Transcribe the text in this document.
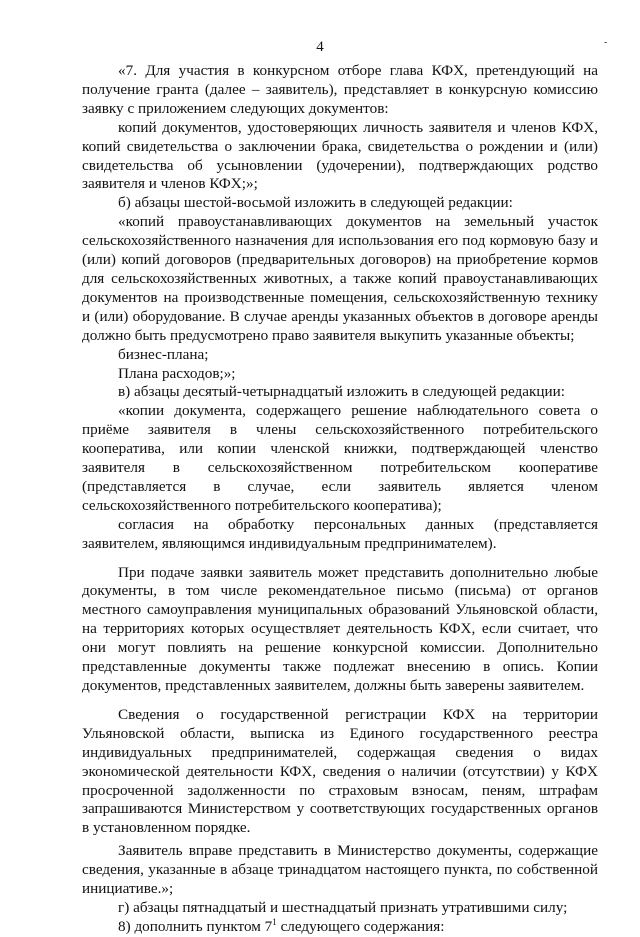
4	-

«7. Для участия в конкурсном отборе глава КФХ, претендующий на получение гранта (далее – заявитель), представляет в конкурсную комиссию заявку с приложением следующих документов:

копий документов, удостоверяющих личность заявителя и членов КФХ, копий свидетельства о заключении брака, свидетельства о рождении и (или) свидетельства об усыновлении (удочерении), подтверждающих родство заявителя и членов КФХ;»;

б) абзацы шестой-восьмой изложить в следующей редакции:

«копий правоустанавливающих документов на земельный участок сельскохозяйственного назначения для использования его под кормовую базу и (или) копий договоров (предварительных договоров) на приобретение кормов для сельскохозяйственных животных, а также копий правоустанавливающих документов на производственные помещения, сельскохозяйственную технику и (или) оборудование. В случае аренды указанных объектов в договоре аренды должно быть предусмотрено право заявителя выкупить указанные объекты;

бизнес-плана;

Плана расходов;»;

в) абзацы десятый-четырнадцатый изложить в следующей редакции:

«копии документа, содержащего решение наблюдательного совета о приёме заявителя в члены сельскохозяйственного потребительского кооператива, или копии членской книжки, подтверждающей членство заявителя в сельскохозяйственном потребительском кооперативе (представляется в случае, если заявитель является членом сельскохозяйственного потребительского кооператива);

согласия на обработку персональных данных (представляется заявителем, являющимся индивидуальным предпринимателем).

При подаче заявки заявитель может представить дополнительно любые документы, в том числе рекомендательное письмо (письма) от органов местного самоуправления муниципальных образований Ульяновской области, на территориях которых осуществляет деятельность КФХ, если считает, что они могут повлиять на решение конкурсной комиссии. Дополнительно представленные документы также подлежат внесению в опись. Копии документов, представленных заявителем, должны быть заверены заявителем.

Сведения о государственной регистрации КФХ на территории Ульяновской области, выписка из Единого государственного реестра индивидуальных предпринимателей, содержащая сведения о видах экономической деятельности КФХ, сведения о наличии (отсутствии) у КФХ просроченной задолженности по страховым взносам, пеням, штрафам запрашиваются Министерством у соответствующих государственных органов в установленном порядке.

Заявитель вправе представить в Министерство документы, содержащие сведения, указанные в абзаце тринадцатом настоящего пункта, по собственной инициативе.»;

г) абзацы пятнадцатый и шестнадцатый признать утратившими силу;

8) дополнить пунктом $7^1$ следующего содержания:
